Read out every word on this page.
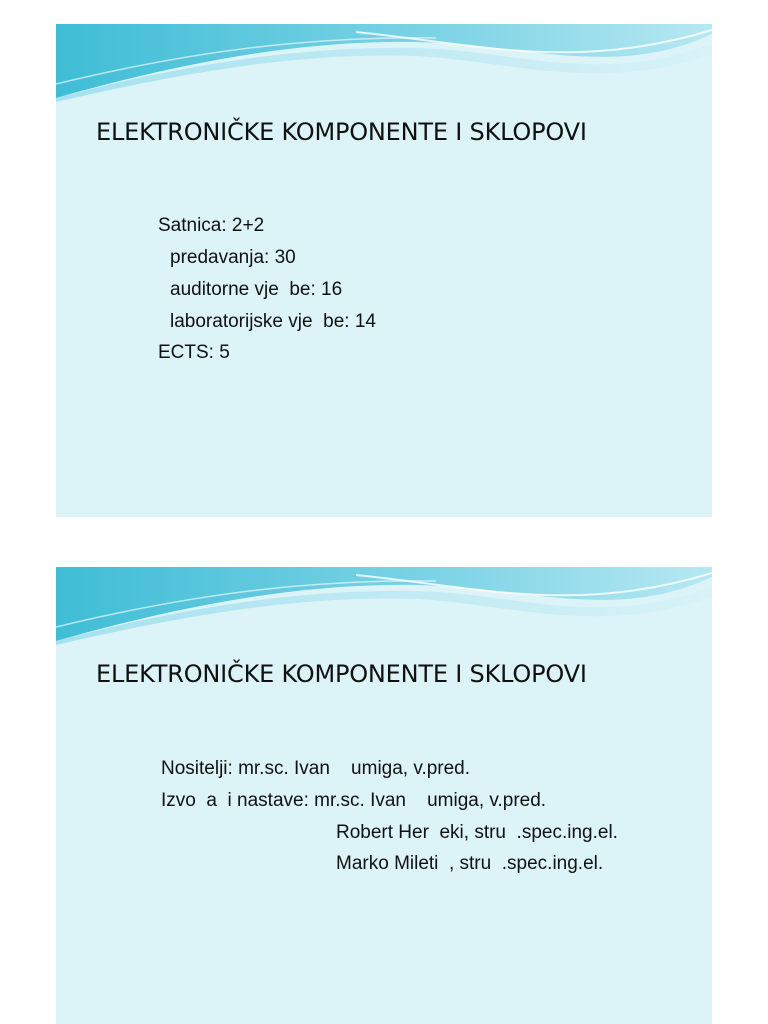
ELEKTRONIČKE KOMPONENTE I SKLOPOVI

Satnica: 2+2

predavanja: 30

auditorne vje  be: 16

laboratorijske vje  be: 14

ECTS: 5

ELEKTRONIČKE KOMPONENTE I SKLOPOVI

Nositelji: mr.sc. Ivan    umiga, v.pred.

Izvo  a  i nastave: mr.sc. Ivan    umiga, v.pred.

Robert Her  eki, stru  .spec.ing.el.

Marko Mileti  , stru  .spec.ing.el.
